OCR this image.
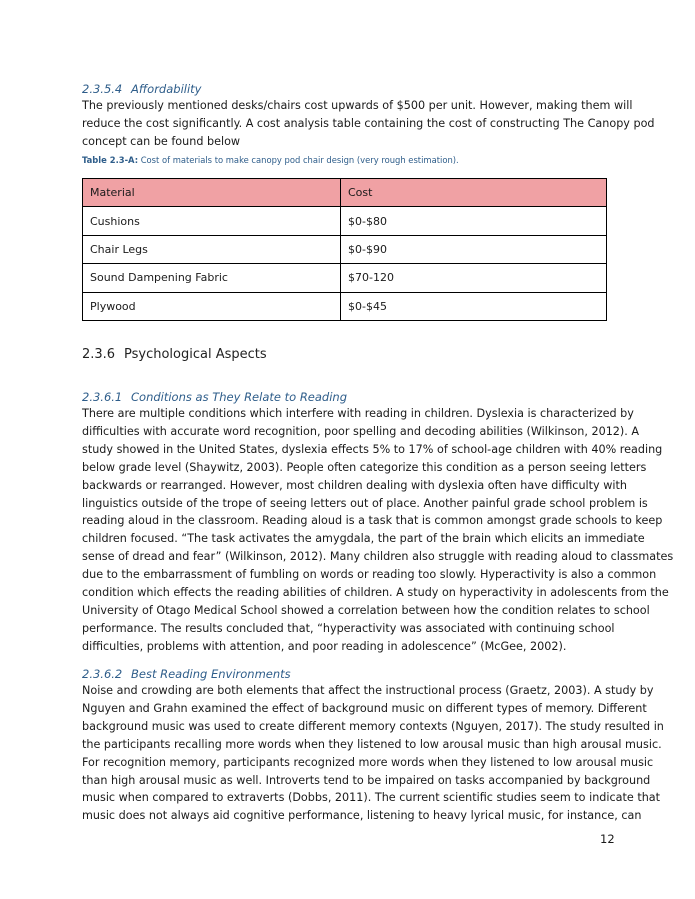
2.3.5.4 Affordability
The previously mentioned desks/chairs cost upwards of $500 per unit. However, making them will
reduce the cost significantly. A cost analysis table containing the cost of constructing The Canopy pod
concept can be found below
Table 2.3-A: Cost of materials to make canopy pod chair design (very rough estimation).
Material	Cost
Cushions	$0-$80
Chair Legs	$0-$90
Sound Dampening Fabric	$70-120
Plywood	$0-$45
2.3.6 Psychological Aspects
2.3.6.1 Conditions as They Relate to Reading
There are multiple conditions which interfere with reading in children. Dyslexia is characterized by
difficulties with accurate word recognition, poor spelling and decoding abilities (Wilkinson, 2012). A
study showed in the United States, dyslexia effects 5% to 17% of school-age children with 40% reading
below grade level (Shaywitz, 2003). People often categorize this condition as a person seeing letters
backwards or rearranged. However, most children dealing with dyslexia often have difficulty with
linguistics outside of the trope of seeing letters out of place. Another painful grade school problem is
reading aloud in the classroom. Reading aloud is a task that is common amongst grade schools to keep
children focused. “The task activates the amygdala, the part of the brain which elicits an immediate
sense of dread and fear” (Wilkinson, 2012). Many children also struggle with reading aloud to classmates
due to the embarrassment of fumbling on words or reading too slowly. Hyperactivity is also a common
condition which effects the reading abilities of children. A study on hyperactivity in adolescents from the
University of Otago Medical School showed a correlation between how the condition relates to school
performance. The results concluded that, “hyperactivity was associated with continuing school
difficulties, problems with attention, and poor reading in adolescence” (McGee, 2002).
2.3.6.2 Best Reading Environments
Noise and crowding are both elements that affect the instructional process (Graetz, 2003). A study by
Nguyen and Grahn examined the effect of background music on different types of memory. Different
background music was used to create different memory contexts (Nguyen, 2017). The study resulted in
the participants recalling more words when they listened to low arousal music than high arousal music.
For recognition memory, participants recognized more words when they listened to low arousal music
than high arousal music as well. Introverts tend to be impaired on tasks accompanied by background
music when compared to extraverts (Dobbs, 2011). The current scientific studies seem to indicate that
music does not always aid cognitive performance, listening to heavy lyrical music, for instance, can
12
